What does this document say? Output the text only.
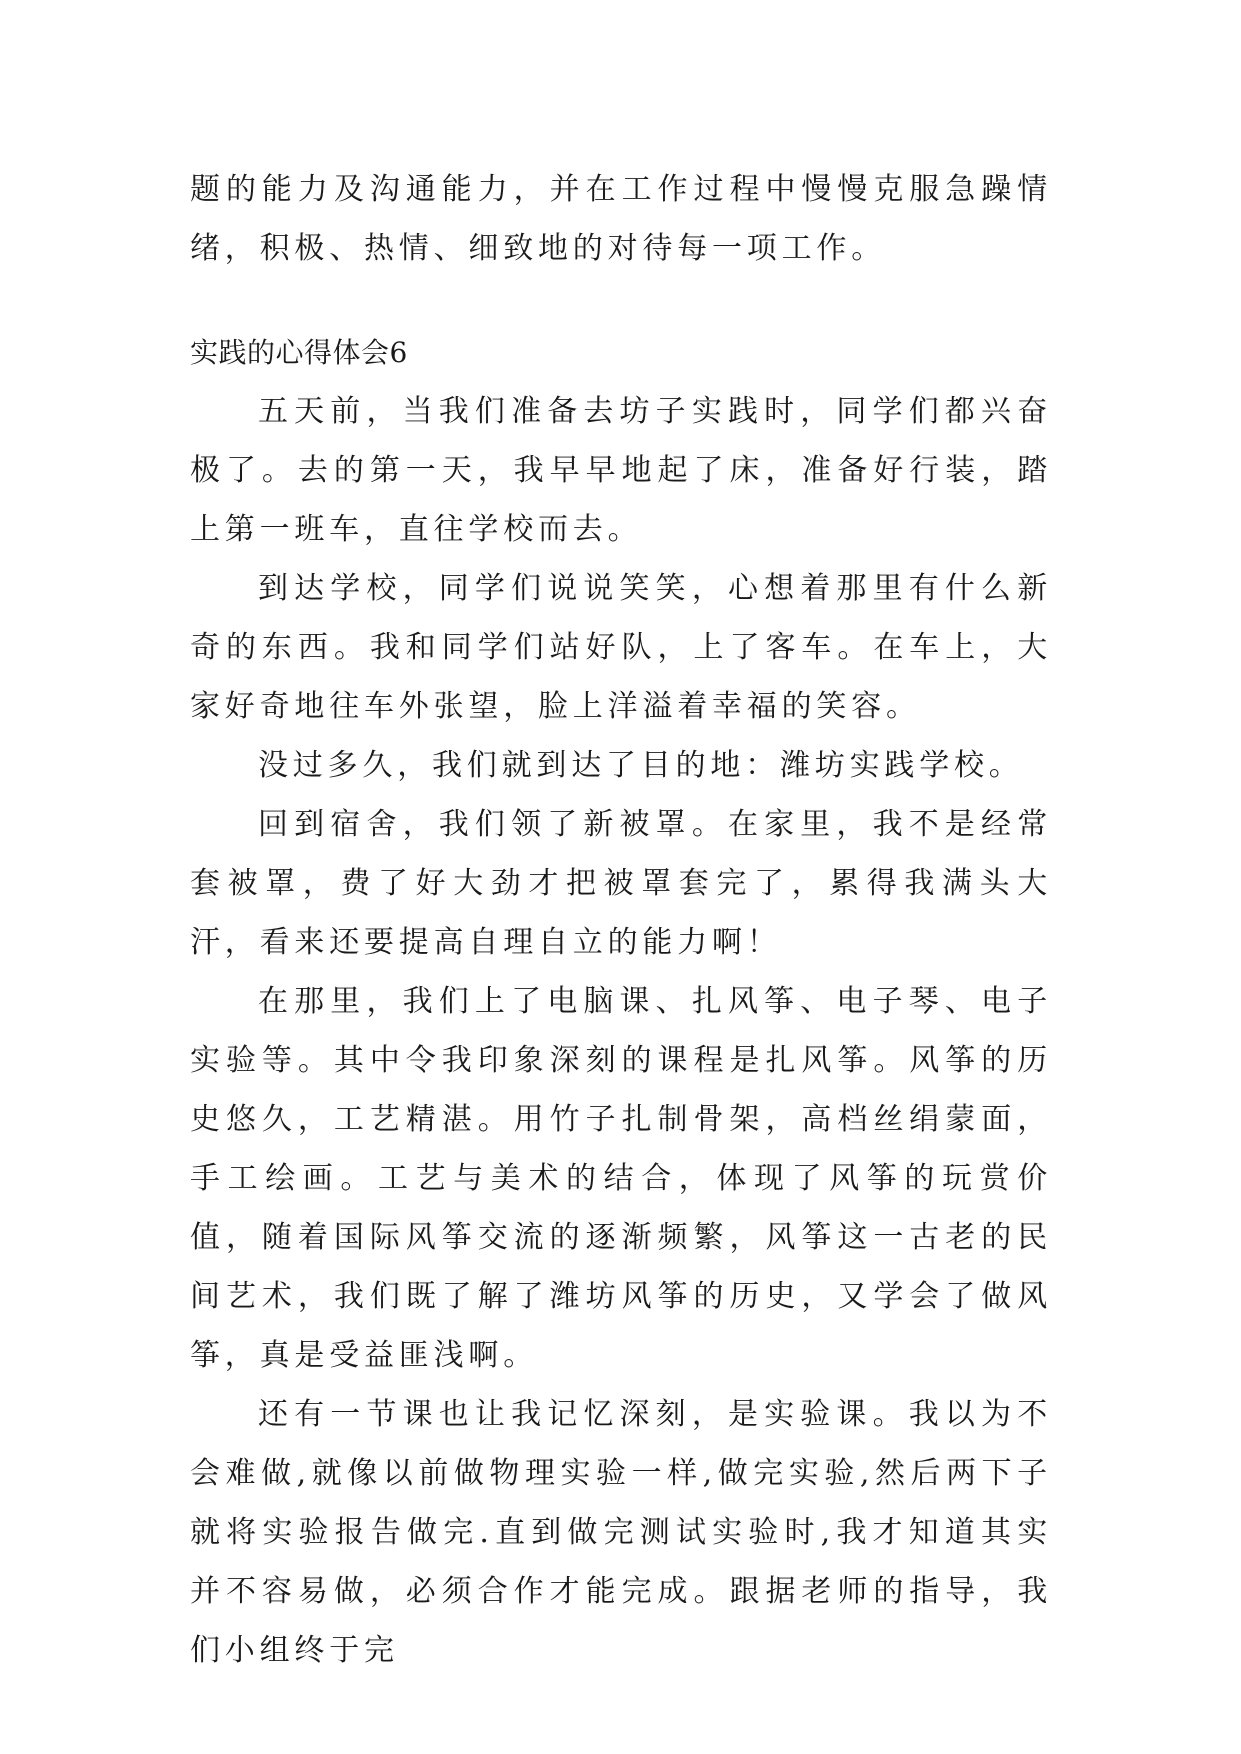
题的能力及沟通能力，并在工作过程中慢慢克服急躁情绪，积极、热情、细致地的对待每一项工作。

实践的心得体会6

五天前，当我们准备去坊子实践时，同学们都兴奋极了。去的第一天，我早早地起了床，准备好行装，踏上第一班车，直往学校而去。

到达学校，同学们说说笑笑，心想着那里有什么新奇的东西。我和同学们站好队，上了客车。在车上，大家好奇地往车外张望，脸上洋溢着幸福的笑容。

没过多久，我们就到达了目的地：潍坊实践学校。

回到宿舍，我们领了新被罩。在家里，我不是经常套被罩，费了好大劲才把被罩套完了，累得我满头大汗，看来还要提高自理自立的能力啊！

在那里，我们上了电脑课、扎风筝、电子琴、电子实验等。其中令我印象深刻的课程是扎风筝。风筝的历史悠久，工艺精湛。用竹子扎制骨架，高档丝绢蒙面，手工绘画。工艺与美术的结合，体现了风筝的玩赏价值，随着国际风筝交流的逐渐频繁，风筝这一古老的民间艺术，我们既了解了潍坊风筝的历史，又学会了做风筝，真是受益匪浅啊。

还有一节课也让我记忆深刻，是实验课。我以为不会难做,就像以前做物理实验一样,做完实验,然后两下子就将实验报告做完.直到做完测试实验时,我才知道其实并不容易做，必须合作才能完成。跟据老师的指导，我们小组终于完
